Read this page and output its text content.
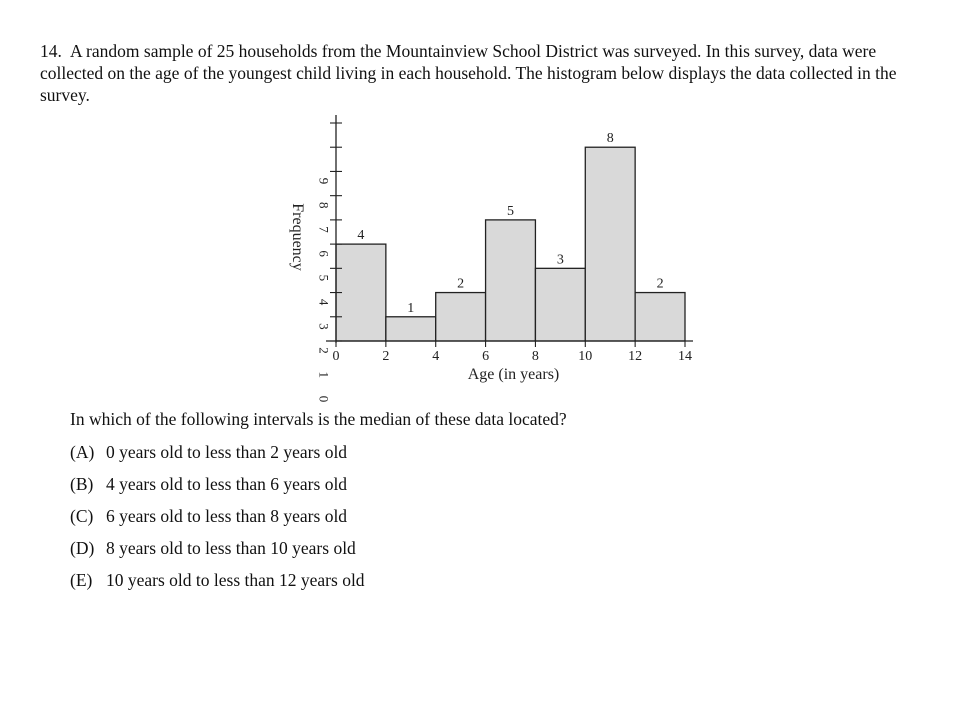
14. A random sample of 25 households from the Mountainview School District was surveyed. In this survey, data were collected on the age of the youngest child living in each household. The histogram below displays the data collected in the survey.
4
1
2
5
3
8
2
0
1
2
3
4
5
6
7
8
9
0	2	4	6	8	10	12	14
Age (in years)
Frequency

In which of the following intervals is the median of these data located?

(A) 0 years old to less than 2 years old
(B) 4 years old to less than 6 years old
(C) 6 years old to less than 8 years old
(D) 8 years old to less than 10 years old
(E) 10 years old to less than 12 years old
